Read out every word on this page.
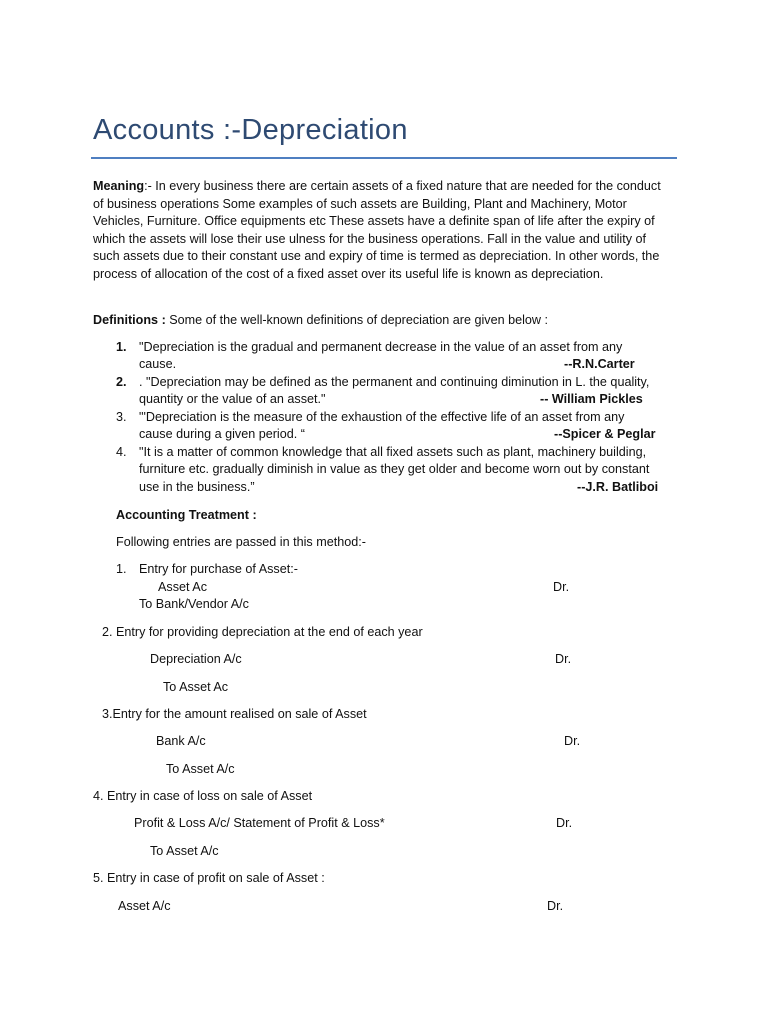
Accounts :-Depreciation
Meaning:- In every business there are certain assets of a fixed nature that are needed for the conduct of business operations Some examples of such assets are Building, Plant and Machinery, Motor Vehicles, Furniture. Office equipments etc These assets have a definite span of life after the expiry of which the assets will lose their use ulness for the business operations. Fall in the value and utility of such assets due to their constant use and expiry of time is termed as depreciation. In other words, the process of allocation of the cost of a fixed asset over its useful life is known as depreciation.
Definitions : Some of the well-known definitions of depreciation are given below :
1. "Depreciation is the gradual and permanent decrease in the value of an asset from any
cause.	--R.N.Carter
2. . "Depreciation may be defined as the permanent and continuing diminution in L. the quality,
quantity or the value of an asset."	-- William Pickles
3. "'Depreciation is the measure of the exhaustion of the effective life of an asset from any
cause during a given period. “	--Spicer & Peglar
4. "It is a matter of common knowledge that all fixed assets such as plant, machinery building,
furniture etc. gradually diminish in value as they get older and become worn out by constant
use in the business.”	--J.R. Batliboi
Accounting Treatment :
Following entries are passed in this method:-
1. Entry for purchase of Asset:-
Asset Ac	Dr.
To Bank/Vendor A/c
2. Entry for providing depreciation at the end of each year
Depreciation A/c	Dr.
To Asset Ac
3.Entry for the amount realised on sale of Asset
Bank A/c	Dr.
To Asset A/c
4. Entry in case of loss on sale of Asset
Profit & Loss A/c/ Statement of Profit & Loss*	Dr.
To Asset A/c
5. Entry in case of profit on sale of Asset :
Asset A/c	Dr.
